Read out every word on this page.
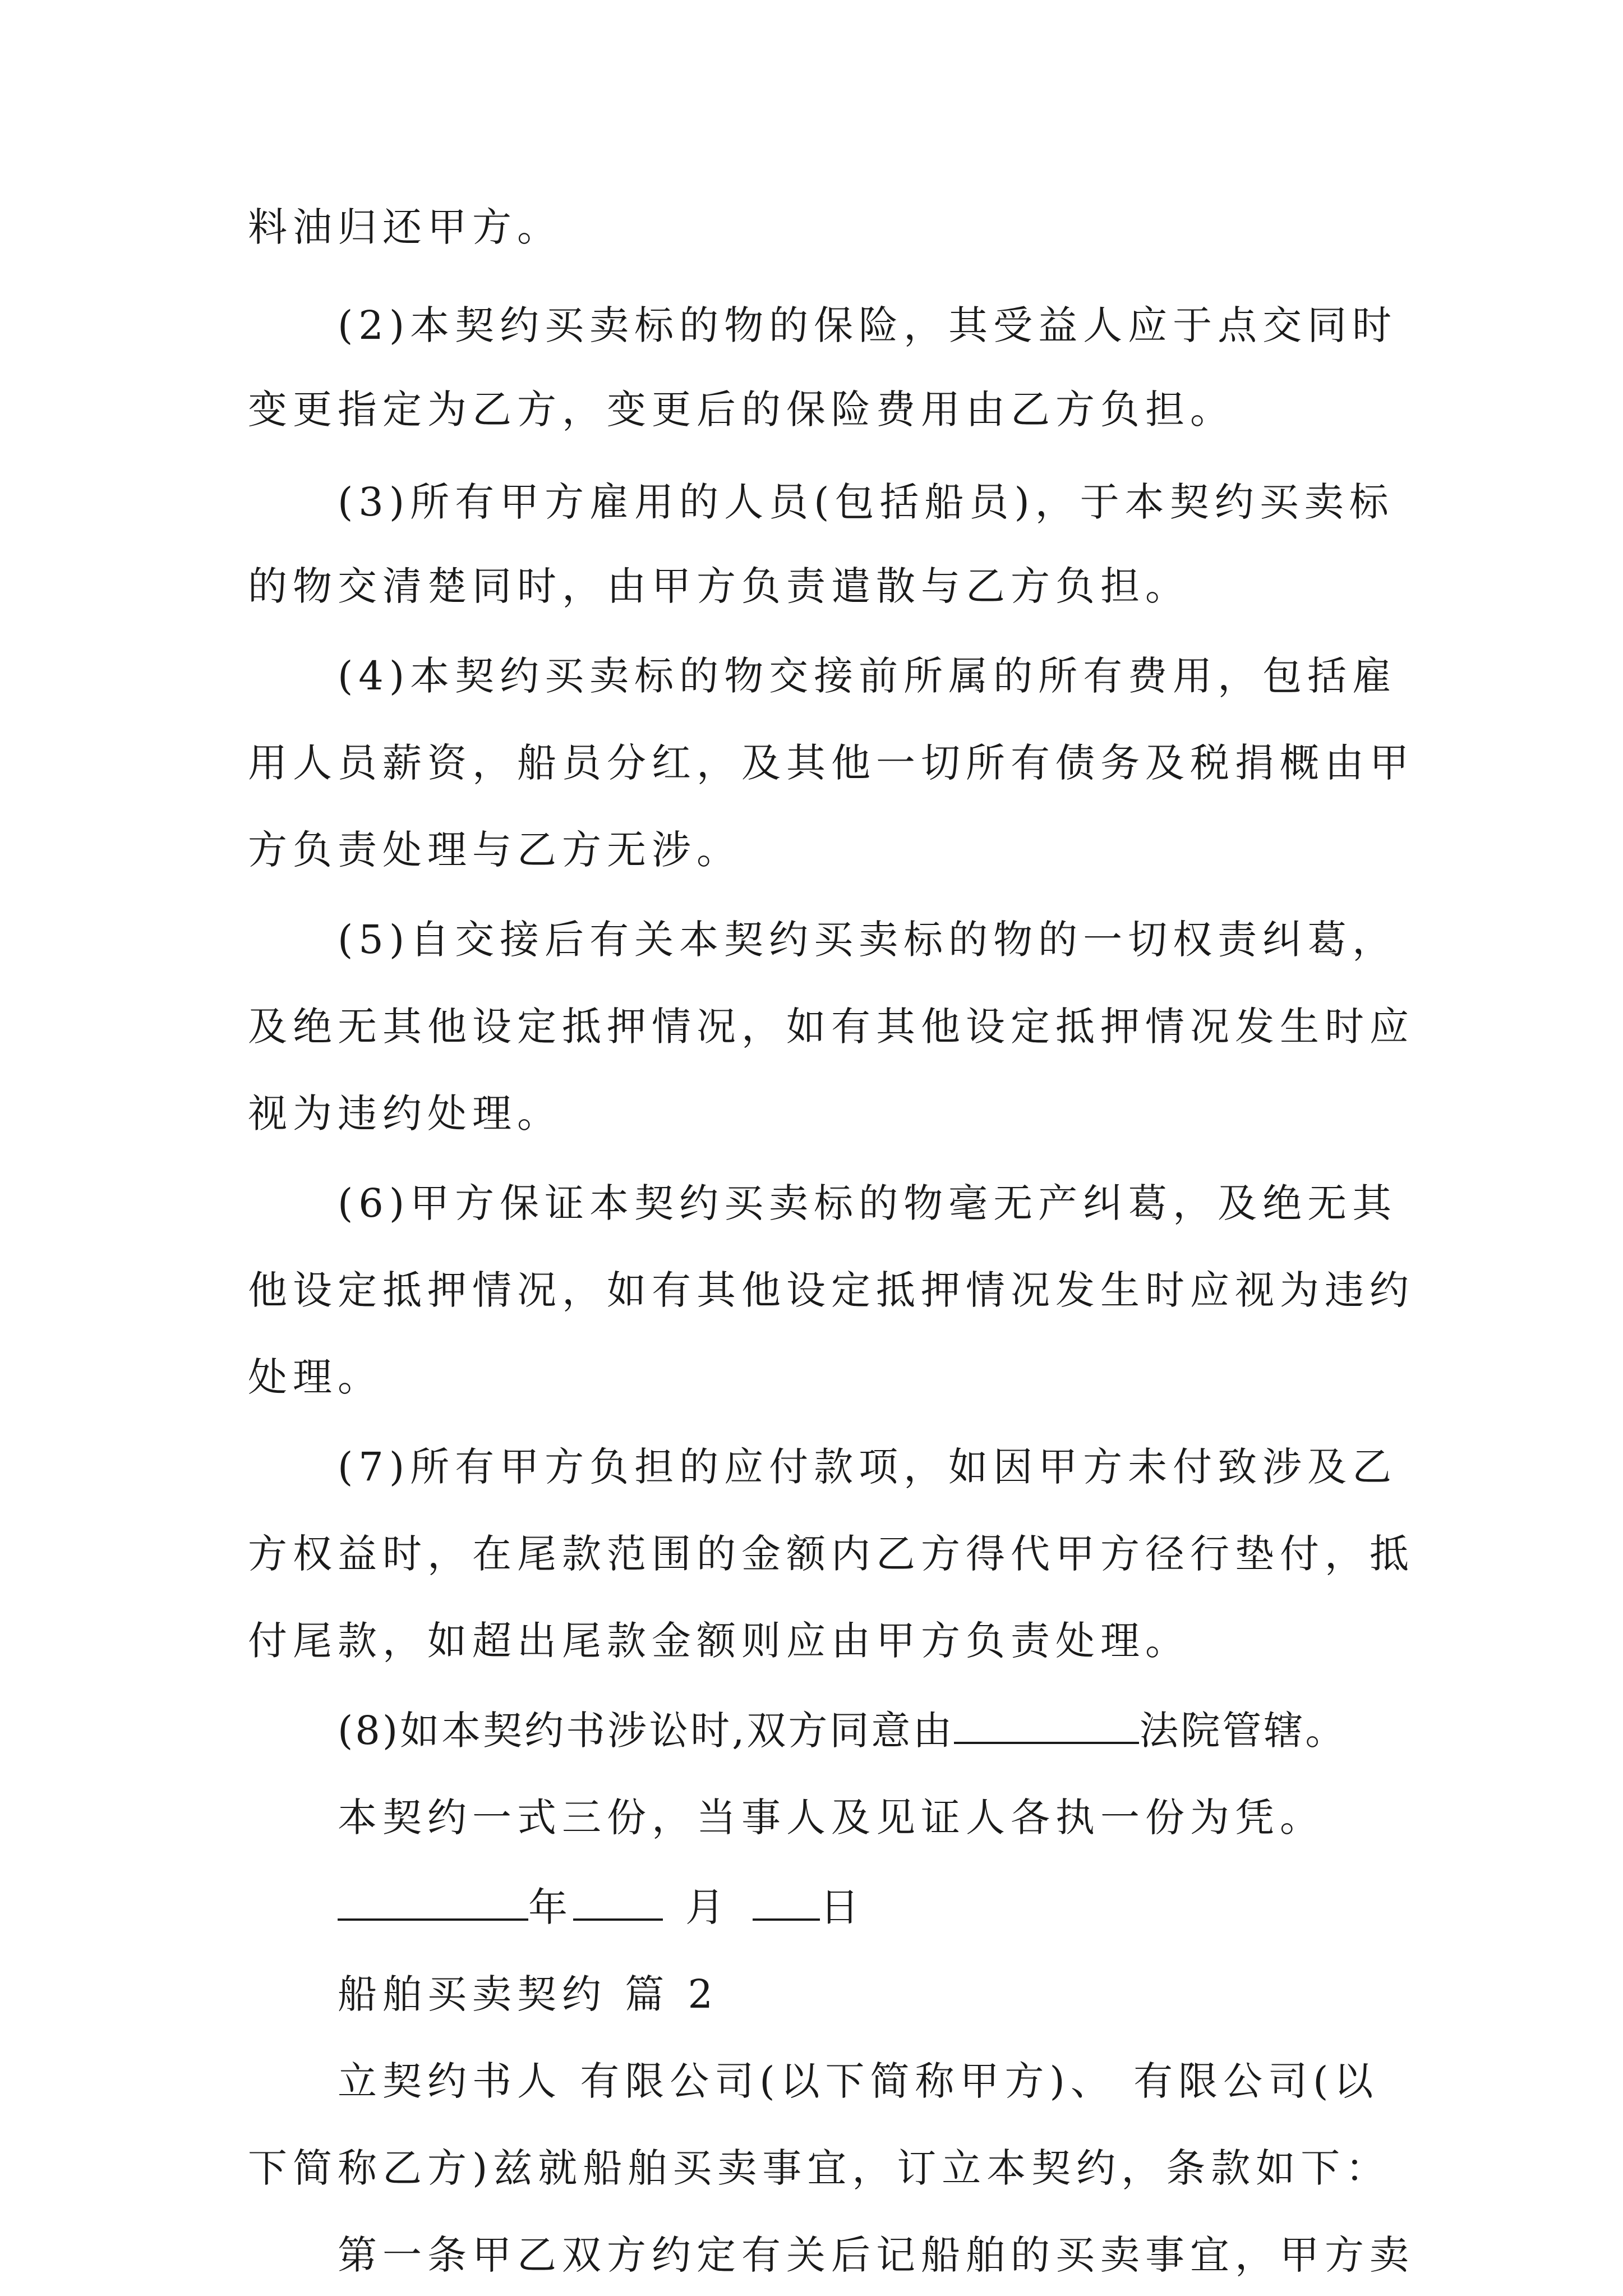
料油归还甲方。
(2)本契约买卖标的物的保险，其受益人应于点交同时
变更指定为乙方，变更后的保险费用由乙方负担。
(3)所有甲方雇用的人员(包括船员)，于本契约买卖标
的物交清楚同时，由甲方负责遣散与乙方负担。
(4)本契约买卖标的物交接前所属的所有费用，包括雇
用人员薪资，船员分红，及其他一切所有债务及税捐概由甲
方负责处理与乙方无涉。
(5)自交接后有关本契约买卖标的物的一切权责纠葛，
及绝无其他设定抵押情况，如有其他设定抵押情况发生时应
视为违约处理。
(6)甲方保证本契约买卖标的物毫无产纠葛，及绝无其
他设定抵押情况，如有其他设定抵押情况发生时应视为违约
处理。
(7)所有甲方负担的应付款项，如因甲方未付致涉及乙
方权益时，在尾款范围的金额内乙方得代甲方径行垫付，抵
付尾款，如超出尾款金额则应由甲方负责处理。
(8)如本契约书涉讼时,双方同意由	法院管辖。
本契约一式三份，当事人及见证人各执一份为凭。
年	月 日
船舶买卖契约 篇 2
立契约书人 有限公司(以下简称甲方)、 有限公司(以
下简称乙方)兹就船舶买卖事宜，订立本契约，条款如下：
第一条甲乙双方约定有关后记船舶的买卖事宜，甲方卖
